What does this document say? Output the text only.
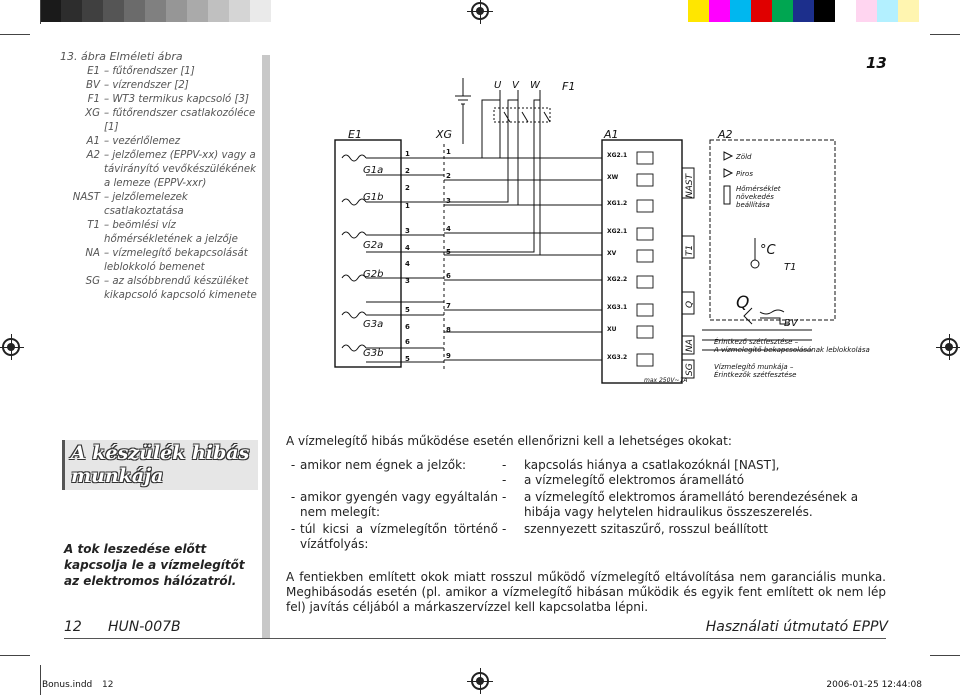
13. ábra Elméleti ábra
E1 – fűtőrendszer [1]
BV – vízrendszer [2]
F1 – WT3 termikus kapcsoló [3]
XG – fűtőrendszer csatlakozóléce [1]
A1 – vezérlőlemez
A2 – jelzőlemez (EPPV-xx) vagy a távirányító vevőkészülékének a lemeze (EPPV-xxr)
NAST – jelzőlemelezek csatlakoztatása
T1 – beömlési víz hőmérsékletének a jelzője
NA – vízmelegítő bekapcsolását leblokkoló bemenet
SG – az alsóbbrendű készüléket kikapcsoló kapcsoló kimenete
13
E1	XG	A1	A2
F1
U V W
G1a
G1b
G2a
G2b
G3a
G3b
1
2
2
1
3
4
4
3
5
6
6
5
1
2
3
4
5
6
7
8
9
XG2.1
XW
XG1.2
XG2.1
XV
XG2.2
XG3.1
XU
XG3.2
NAST
T1
Q
NA
SG
Zöld
Piros
Hőmérséklet
növekedés
beállítása
°C
T1
Q
BV
Érintkező szétfesztése –
A vízmelegítő bekapcsolásának leblokkolása
Vízmelegítő munkája –
Érintkezők szétfesztése
max 250V~1A
A készülék hibás munkája
A tok leszedése előtt kapcsolja le a vízmelegítőt az elektromos hálózatról.

A vízmelegítő hibás működése esetén ellenőrizni kell a lehetséges okokat:

- amikor nem égnek a jelzők:	-	kapcsolás hiánya a csatlakozóknál [NAST],
-	a vízmelegítő elektromos áramellátó
- amikor gyengén vagy egyáltalán nem melegít:
-	a vízmelegítő elektromos áramellátó berendezésének a hibája vagy helytelen hidraulikus összeszerelés.
- túl kicsi a vízmelegítőn történő vízátfolyás:
-	szennyezett szitaszűrő, rosszul beállított

A fentiekben említett okok miatt rosszul működő vízmelegítő eltávolítása nem garanciális munka. Meghibásodás esetén (pl. amikor a vízmelegítő hibásan működik és egyik fent említett ok nem lép fel) javítás céljából a márkaszervízzel kell kapcsolatba lépni.

12 HUN-007B	Használati útmutató EPPV
Bonus.indd 12	2006-01-25 12:44:08
